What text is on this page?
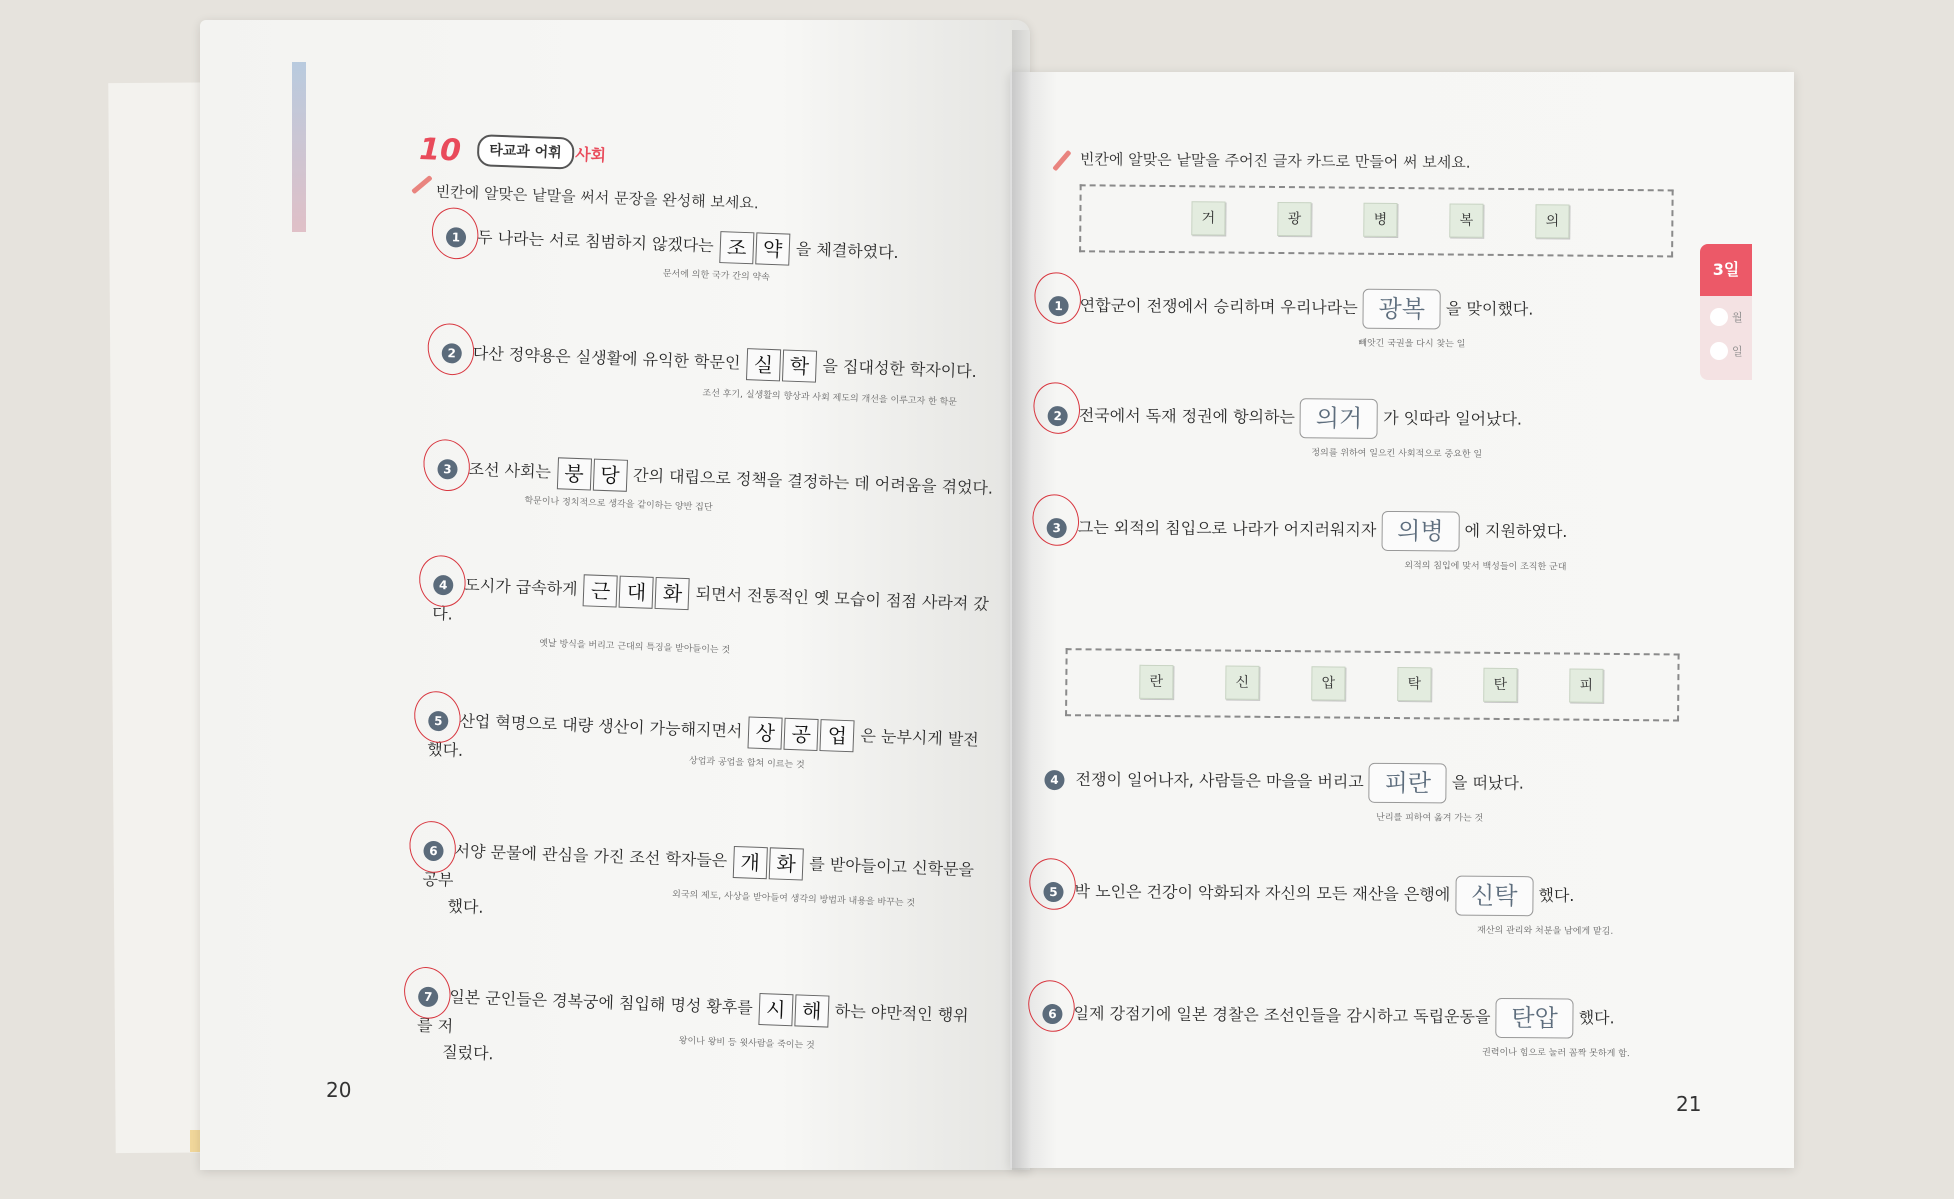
10	타교과 어휘 사회
빈칸에 알맞은 낱말을 써서 문장을 완성해 보세요.
1 두 나라는 서로 침범하지 않겠다는 조 약 을 체결하였다.
문서에 의한 국가 간의 약속
2 다산 정약용은 실생활에 유익한 학문인 실 학 을 집대성한 학자이다.
조선 후기, 실생활의 향상과 사회 제도의 개선을 이루고자 한 학문
3 조선 사회는 붕 당 간의 대립으로 정책을 결정하는 데 어려움을 겪었다.
학문이나 정치적으로 생각을 같이하는 양반 집단
4 도시가 급속하게 근 대 화 되면서 전통적인 옛 모습이 점점 사라져 갔다.
옛날 방식을 버리고 근대의 특징을 받아들이는 것
5 산업 혁명으로 대량 생산이 가능해지면서 상 공 업 은 눈부시게 발전했다.
상업과 공업을 합쳐 이르는 것
6 서양 문물에 관심을 가진 조선 학자들은 개 화 를 받아들이고 신학문을 공부
했다.	외국의 제도, 사상을 받아들여 생각의 방법과 내용을 바꾸는 것
7 일본 군인들은 경복궁에 침입해 명성 황후를 시 해 하는 야만적인 행위를 저
질렀다.	왕이나 왕비 등 윗사람을 죽이는 것
20
빈칸에 알맞은 낱말을 주어진 글자 카드로 만들어 써 보세요.
거	광	병	복	의
1 연합군이 전쟁에서 승리하며 우리나라는 광복 을 맞이했다.
빼앗긴 국권을 다시 찾는 일
2 전국에서 독재 정권에 항의하는 의거 가 잇따라 일어났다.
정의를 위하여 일으킨 사회적으로 중요한 일
3 그는 외적의 침입으로 나라가 어지러워지자 의병 에 지원하였다.
외적의 침입에 맞서 백성들이 조직한 군대
란	신	압	탁	탄	피
4 전쟁이 일어나자, 사람들은 마을을 버리고 피란 을 떠났다.
난리를 피하여 옮겨 가는 것
5 박 노인은 건강이 악화되자 자신의 모든 재산을 은행에 신탁 했다.
재산의 관리와 처분을 남에게 맡김.
6 일제 강점기에 일본 경찰은 조선인들을 감시하고 독립운동을 탄압 했다.
권력이나 힘으로 눌러 꼼짝 못하게 함.
21
3일
월
일
